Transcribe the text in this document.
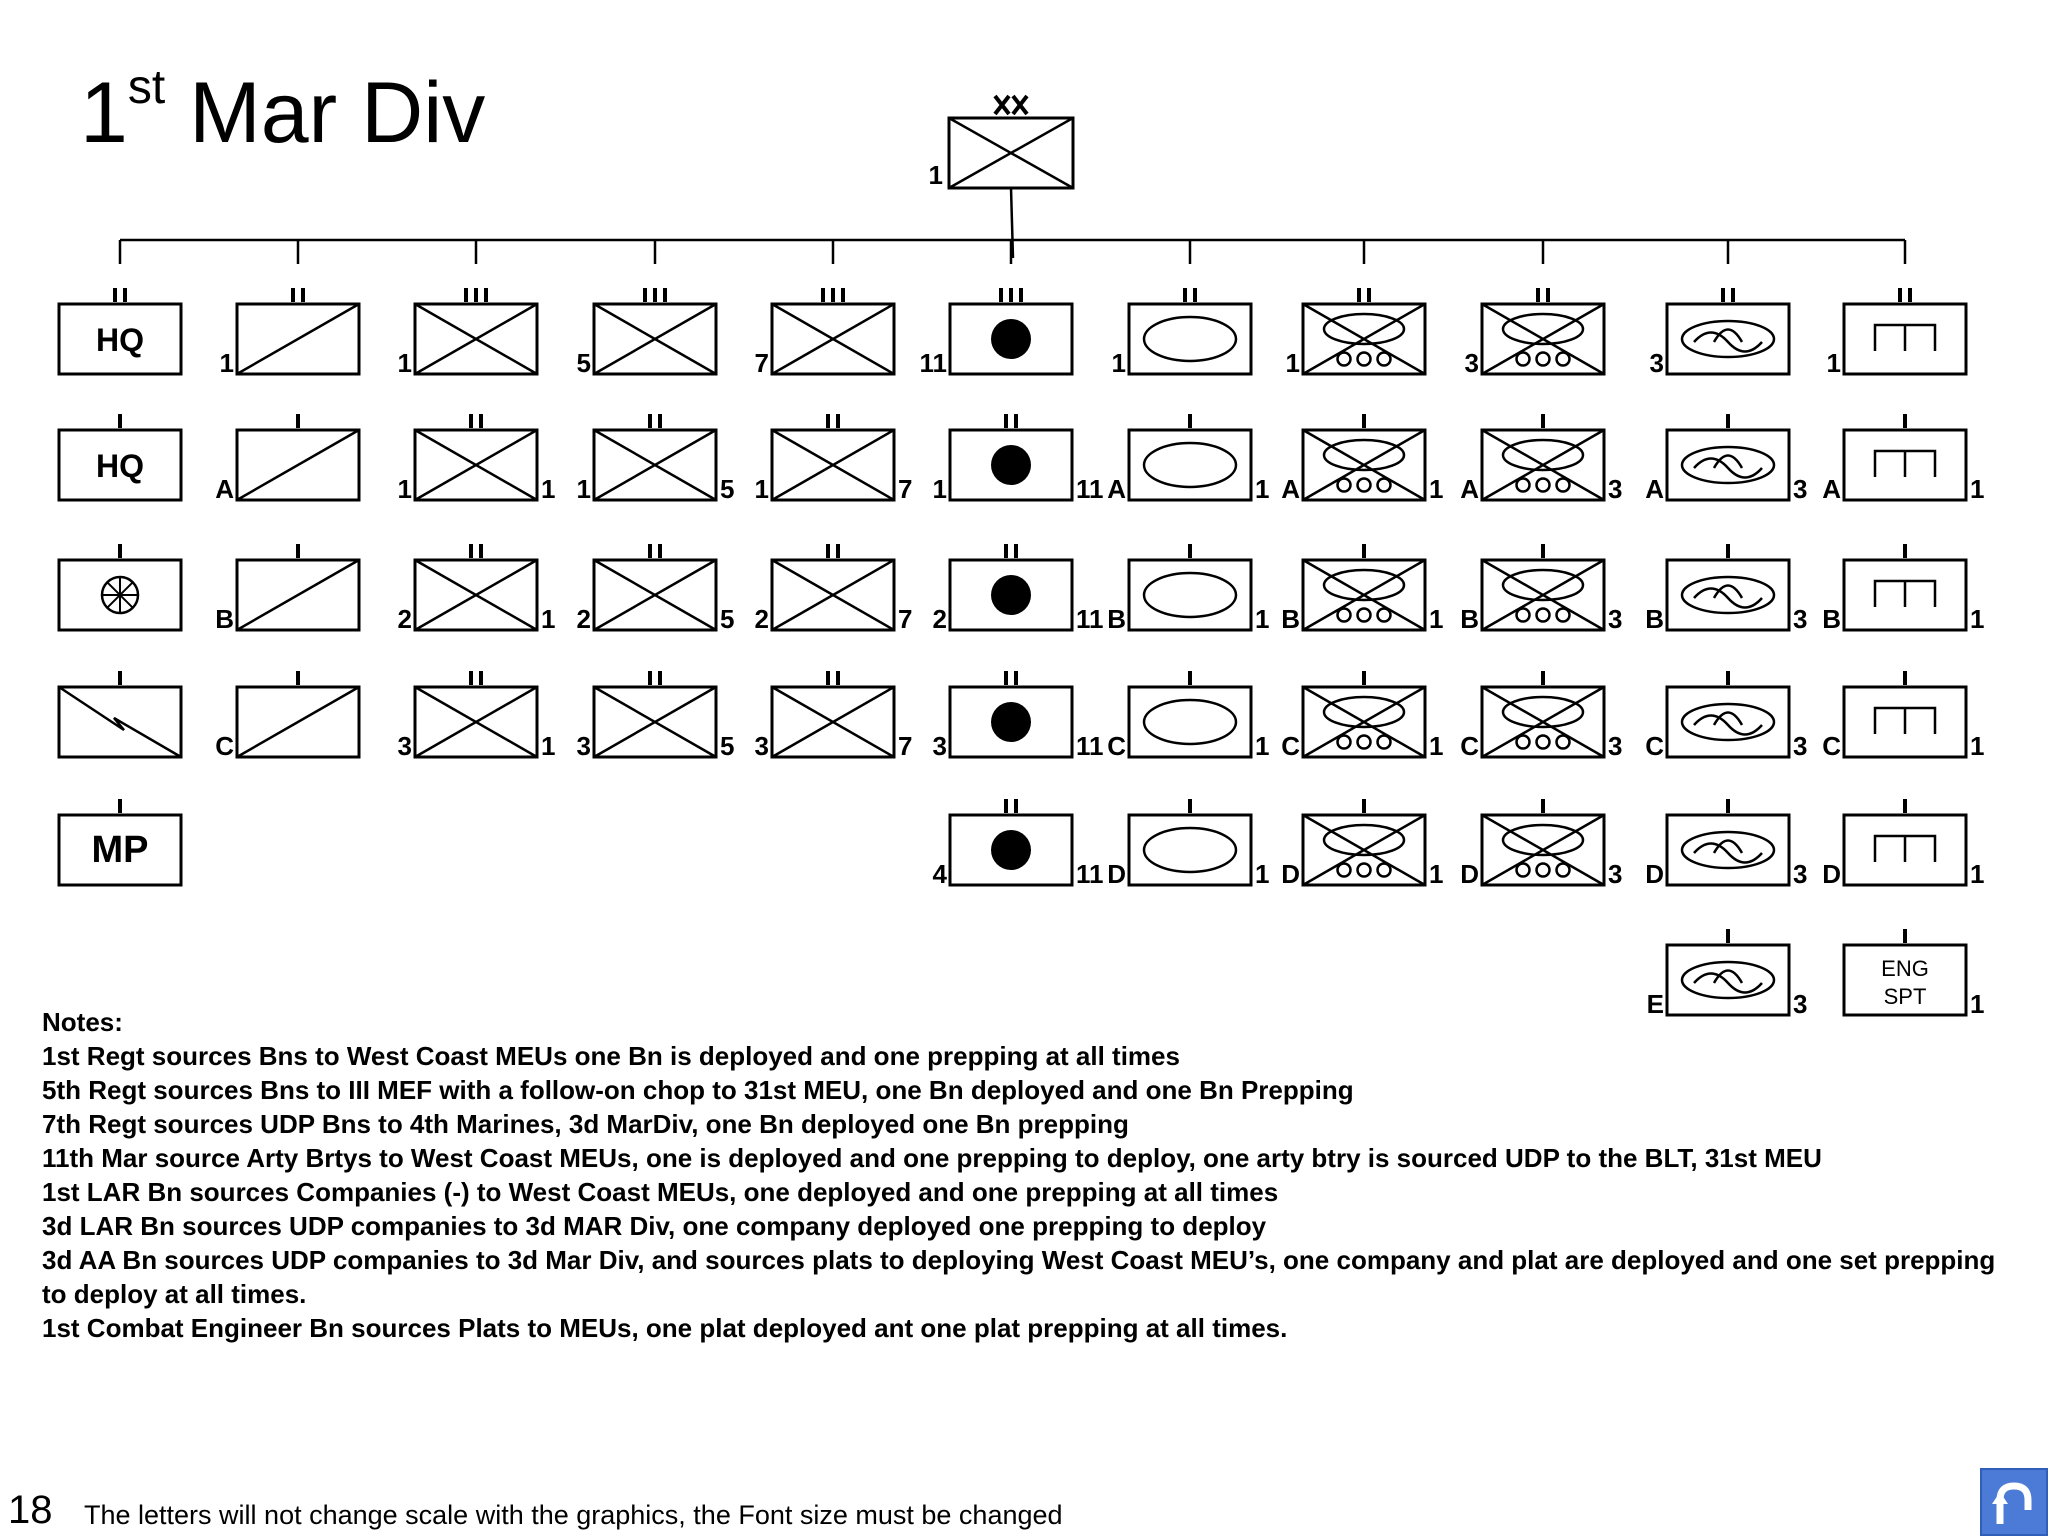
1
HQ
HQ
MP
1
A
B
C
1
1	1
2	1
3	1
5
1	5
2	5
3	5
7
1	7
2	7
3	7
11
1	11
2	11
3	11
4	11
1
A	1
B	1
C	1
D	1
1
A	1
B	1
C	1
D	1
3
A	3
B	3
C	3
D	3
3
A	3
B	3
C	3
D	3
E	3
1
A	1
B	1
C	1
D	1
ENG
SPT 1
1st Mar Div
Notes:
1st Regt sources Bns to West Coast MEUs one Bn is deployed and one prepping at all times
5th Regt sources Bns to III MEF with a follow-on chop to 31st MEU, one Bn deployed and one Bn Prepping
7th Regt sources UDP Bns to 4th Marines, 3d MarDiv, one Bn deployed one Bn prepping
11th Mar source Arty Brtys to West Coast MEUs, one is deployed and one prepping to deploy, one arty btry is sourced UDP to the BLT, 31st MEU
1st LAR Bn sources Companies (-) to West Coast MEUs, one deployed and one prepping at all times
3d LAR Bn sources UDP companies to 3d MAR Div, one company deployed one prepping to deploy
3d AA Bn sources UDP companies to 3d Mar Div, and sources plats to deploying West Coast MEU’s, one company and plat are deployed and one set prepping to deploy at all times.
1st Combat Engineer Bn sources Plats to MEUs, one plat deployed ant one plat prepping at all times.
18 The letters will not change scale with the graphics, the Font size must be changed
